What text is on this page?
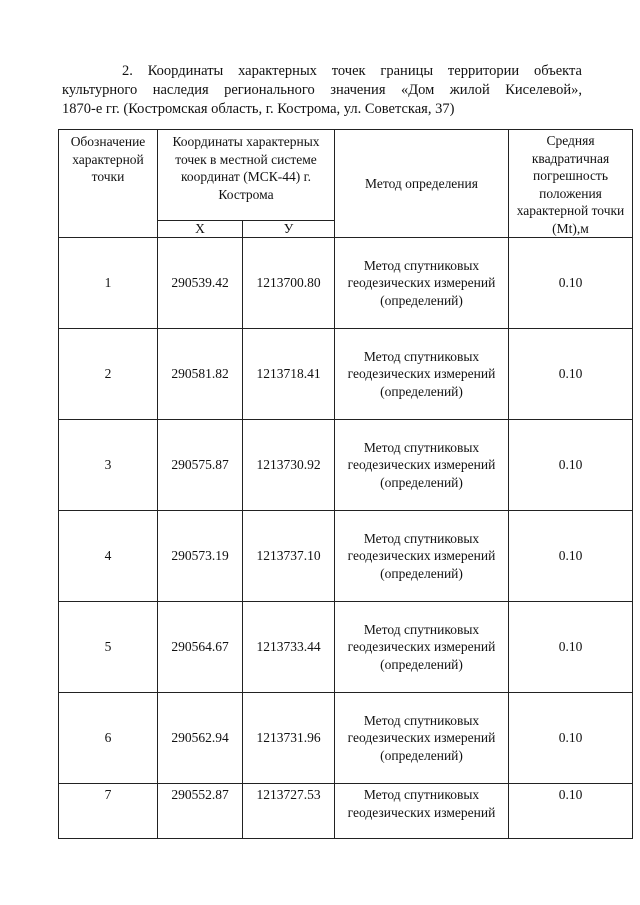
2. Координаты характерных точек границы территории объекта
культурного наследия регионального значения «Дом жилой Киселевой»,
1870-е гг. (Костромская область, г. Кострома, ул. Советская, 37)
Обозначение характерной точки	Координаты характерных точек в местной системе координат (МСК-44) г. Кострома		Метод определения	Средняя квадратичная погрешность положения характерной точки (Mt),м
	Х	У		
1	290539.42	1213700.80	Метод спутниковых геодезических измерений (определений)	0.10
2	290581.82	1213718.41	Метод спутниковых геодезических измерений (определений)	0.10
3	290575.87	1213730.92	Метод спутниковых геодезических измерений (определений)	0.10
4	290573.19	1213737.10	Метод спутниковых геодезических измерений (определений)	0.10
5	290564.67	1213733.44	Метод спутниковых геодезических измерений (определений)	0.10
6	290562.94	1213731.96	Метод спутниковых геодезических измерений (определений)	0.10
7	290552.87	1213727.53	Метод спутниковых геодезических измерений	0.10
